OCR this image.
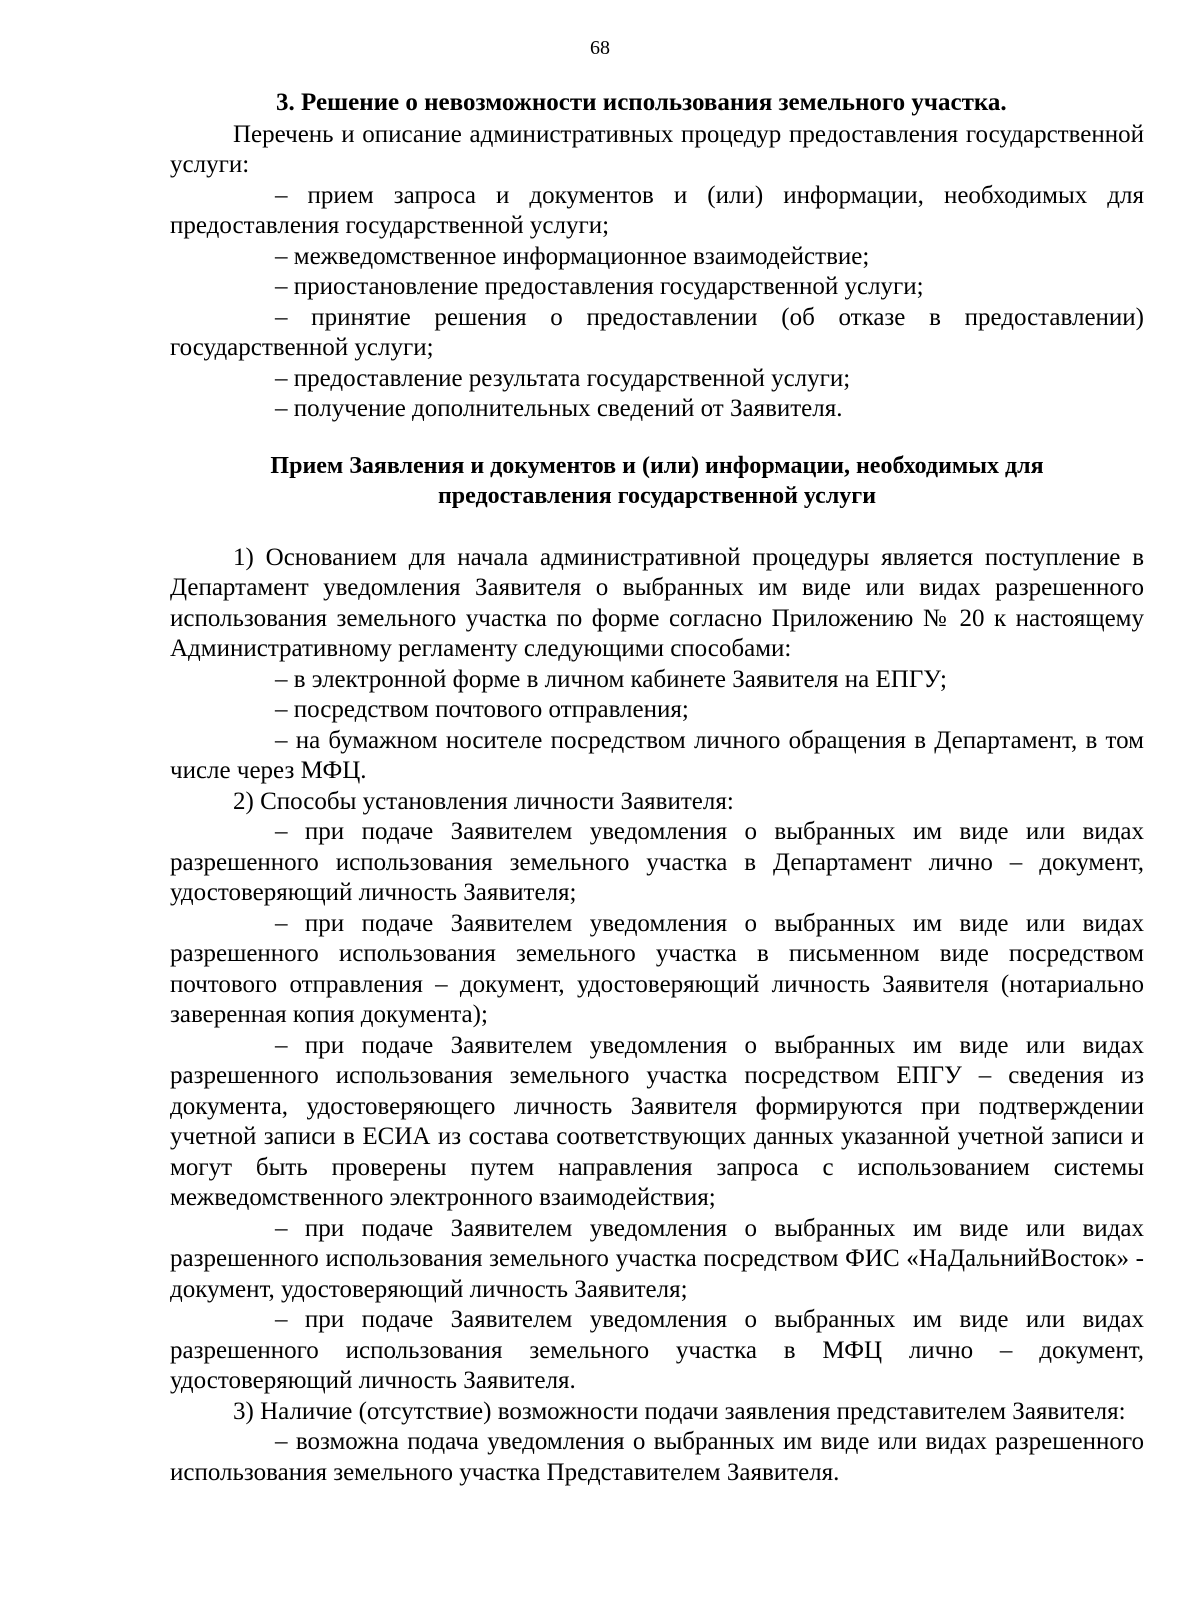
68

3. Решение о невозможности использования земельного участка.

Перечень и описание административных процедур предоставления государственной услуги:

– прием запроса и документов и (или) информации, необходимых для предоставления государственной услуги;

– межведомственное информационное взаимодействие;

– приостановление предоставления государственной услуги;

– принятие решения о предоставлении (об отказе в предоставлении) государственной услуги;

– предоставление результата государственной услуги;

– получение дополнительных сведений от Заявителя.

Прием Заявления и документов и (или) информации, необходимых для
предоставления государственной услуги

1) Основанием для начала административной процедуры является поступление в Департамент уведомления Заявителя о выбранных им виде или видах разрешенного использования земельного участка по форме согласно Приложению № 20 к настоящему Административному регламенту следующими способами:

– в электронной форме в личном кабинете Заявителя на ЕПГУ;

– посредством почтового отправления;

– на бумажном носителе посредством личного обращения в Департамент, в том числе через МФЦ.

2) Способы установления личности Заявителя:

– при подаче Заявителем уведомления о выбранных им виде или видах разрешенного использования земельного участка в Департамент лично – документ, удостоверяющий личность Заявителя;

– при подаче Заявителем уведомления о выбранных им виде или видах разрешенного использования земельного участка в письменном виде посредством почтового отправления – документ, удостоверяющий личность Заявителя (нотариально заверенная копия документа);

– при подаче Заявителем уведомления о выбранных им виде или видах разрешенного использования земельного участка посредством ЕПГУ – сведения из документа, удостоверяющего личность Заявителя формируются при подтверждении учетной записи в ЕСИА из состава соответствующих данных указанной учетной записи и могут быть проверены путем направления запроса с использованием системы межведомственного электронного взаимодействия;

– при подаче Заявителем уведомления о выбранных им виде или видах разрешенного использования земельного участка посредством ФИС «НаДальнийВосток» - документ, удостоверяющий личность Заявителя;

– при подаче Заявителем уведомления о выбранных им виде или видах разрешенного использования земельного участка в МФЦ лично – документ, удостоверяющий личность Заявителя.

3) Наличие (отсутствие) возможности подачи заявления представителем Заявителя:

– возможна подача уведомления о выбранных им виде или видах разрешенного использования земельного участка Представителем Заявителя.
